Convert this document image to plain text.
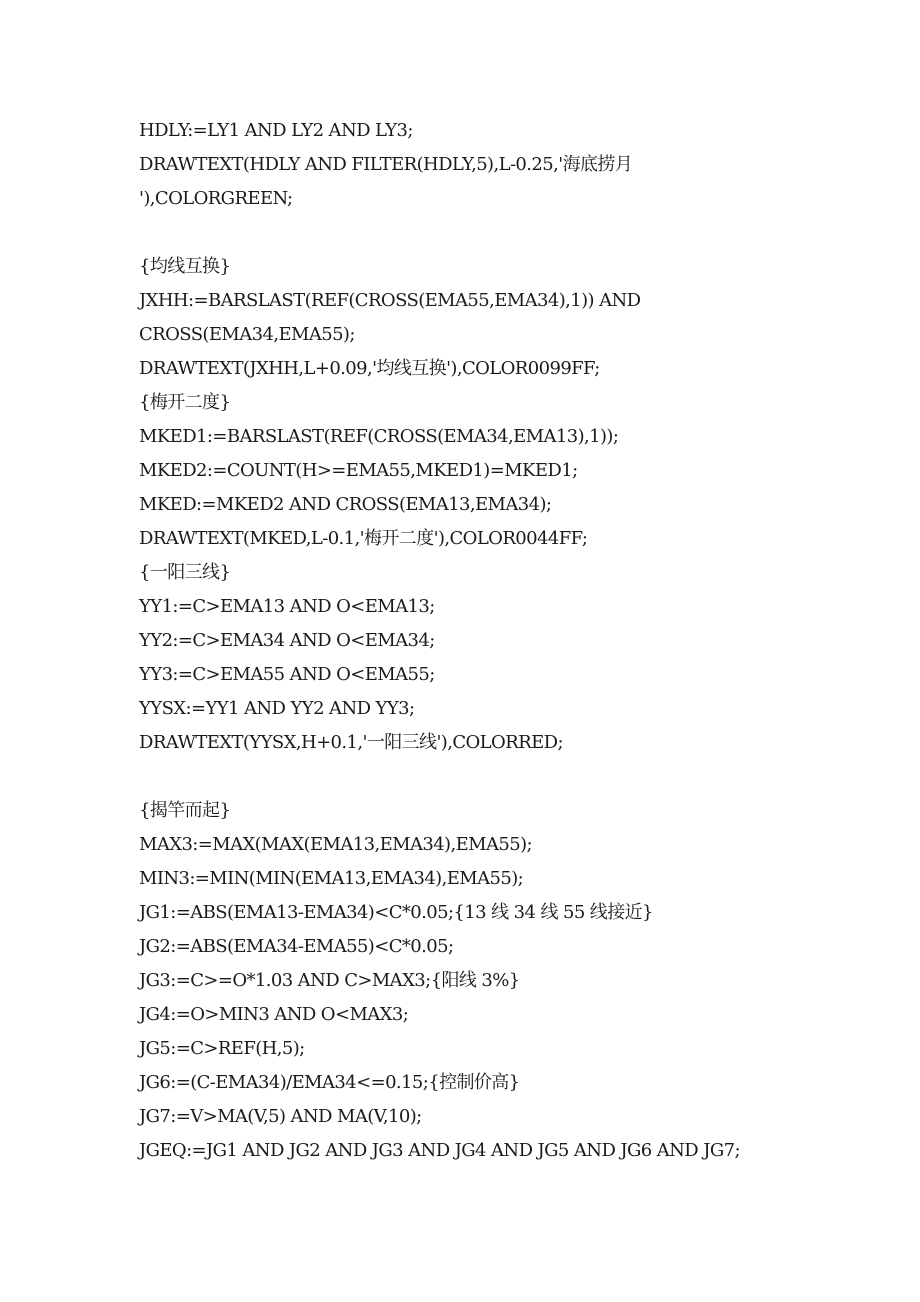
HDLY:=LY1 AND LY2 AND LY3;
DRAWTEXT(HDLY AND FILTER(HDLY,5),L-0.25,'海底捞月
'),COLORGREEN;
{均线互换}
JXHH:=BARSLAST(REF(CROSS(EMA55,EMA34),1)) AND
CROSS(EMA34,EMA55);
DRAWTEXT(JXHH,L+0.09,'均线互换'),COLOR0099FF;
{梅开二度}
MKED1:=BARSLAST(REF(CROSS(EMA34,EMA13),1));
MKED2:=COUNT(H>=EMA55,MKED1)=MKED1;
MKED:=MKED2 AND CROSS(EMA13,EMA34);
DRAWTEXT(MKED,L-0.1,'梅开二度'),COLOR0044FF;
{一阳三线}
YY1:=C>EMA13 AND O<EMA13;
YY2:=C>EMA34 AND O<EMA34;
YY3:=C>EMA55 AND O<EMA55;
YYSX:=YY1 AND YY2 AND YY3;
DRAWTEXT(YYSX,H+0.1,'一阳三线'),COLORRED;
{揭竿而起}
MAX3:=MAX(MAX(EMA13,EMA34),EMA55);
MIN3:=MIN(MIN(EMA13,EMA34),EMA55);
JG1:=ABS(EMA13-EMA34)<C*0.05;{13 线 34 线 55 线接近}
JG2:=ABS(EMA34-EMA55)<C*0.05;
JG3:=C>=O*1.03 AND C>MAX3;{阳线 3%}
JG4:=O>MIN3 AND O<MAX3;
JG5:=C>REF(H,5);
JG6:=(C-EMA34)/EMA34<=0.15;{控制价高}
JG7:=V>MA(V,5) AND MA(V,10);
JGEQ:=JG1 AND JG2 AND JG3 AND JG4 AND JG5 AND JG6 AND JG7;
